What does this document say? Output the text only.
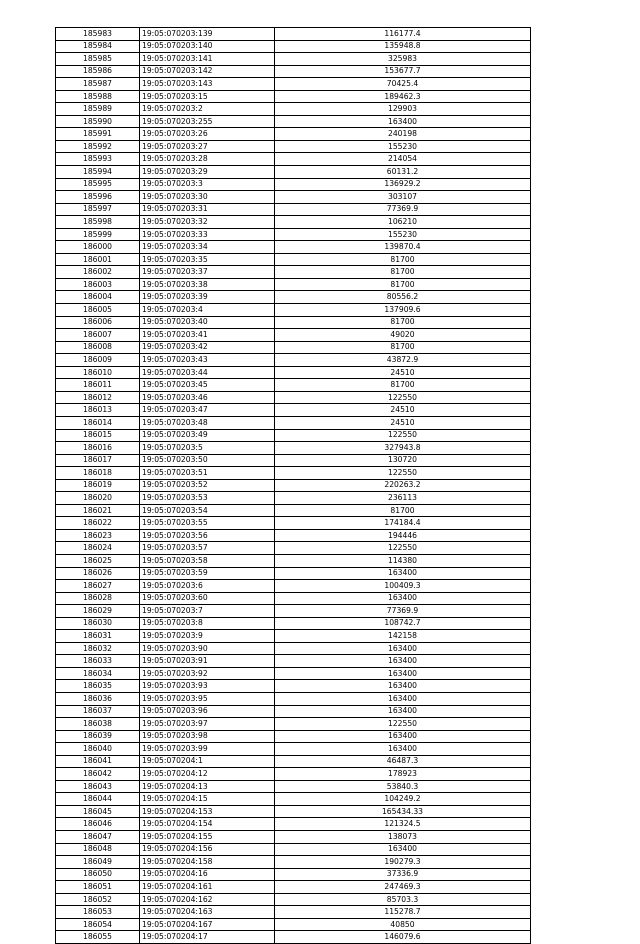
185983	19:05:070203:139	116177.4
185984	19:05:070203:140	135948.8
185985	19:05:070203:141	325983
185986	19:05:070203:142	153677.7
185987	19:05:070203:143	70425.4
185988	19:05:070203:15	189462.3
185989	19:05:070203:2	129903
185990	19:05:070203:255	163400
185991	19:05:070203:26	240198
185992	19:05:070203:27	155230
185993	19:05:070203:28	214054
185994	19:05:070203:29	60131.2
185995	19:05:070203:3	136929.2
185996	19:05:070203:30	303107
185997	19:05:070203:31	77369.9
185998	19:05:070203:32	106210
185999	19:05:070203:33	155230
186000	19:05:070203:34	139870.4
186001	19:05:070203:35	81700
186002	19:05:070203:37	81700
186003	19:05:070203:38	81700
186004	19:05:070203:39	80556.2
186005	19:05:070203:4	137909.6
186006	19:05:070203:40	81700
186007	19:05:070203:41	49020
186008	19:05:070203:42	81700
186009	19:05:070203:43	43872.9
186010	19:05:070203:44	24510
186011	19:05:070203:45	81700
186012	19:05:070203:46	122550
186013	19:05:070203:47	24510
186014	19:05:070203:48	24510
186015	19:05:070203:49	122550
186016	19:05:070203:5	327943.8
186017	19:05:070203:50	130720
186018	19:05:070203:51	122550
186019	19:05:070203:52	220263.2
186020	19:05:070203:53	236113
186021	19:05:070203:54	81700
186022	19:05:070203:55	174184.4
186023	19:05:070203:56	194446
186024	19:05:070203:57	122550
186025	19:05:070203:58	114380
186026	19:05:070203:59	163400
186027	19:05:070203:6	100409.3
186028	19:05:070203:60	163400
186029	19:05:070203:7	77369.9
186030	19:05:070203:8	108742.7
186031	19:05:070203:9	142158
186032	19:05:070203:90	163400
186033	19:05:070203:91	163400
186034	19:05:070203:92	163400
186035	19:05:070203:93	163400
186036	19:05:070203:95	163400
186037	19:05:070203:96	163400
186038	19:05:070203:97	122550
186039	19:05:070203:98	163400
186040	19:05:070203:99	163400
186041	19:05:070204:1	46487.3
186042	19:05:070204:12	178923
186043	19:05:070204:13	53840.3
186044	19:05:070204:15	104249.2
186045	19:05:070204:153	165434.33
186046	19:05:070204:154	121324.5
186047	19:05:070204:155	138073
186048	19:05:070204:156	163400
186049	19:05:070204:158	190279.3
186050	19:05:070204:16	37336.9
186051	19:05:070204:161	247469.3
186052	19:05:070204:162	85703.3
186053	19:05:070204:163	115278.7
186054	19:05:070204:167	40850
186055	19:05:070204:17	146079.6
